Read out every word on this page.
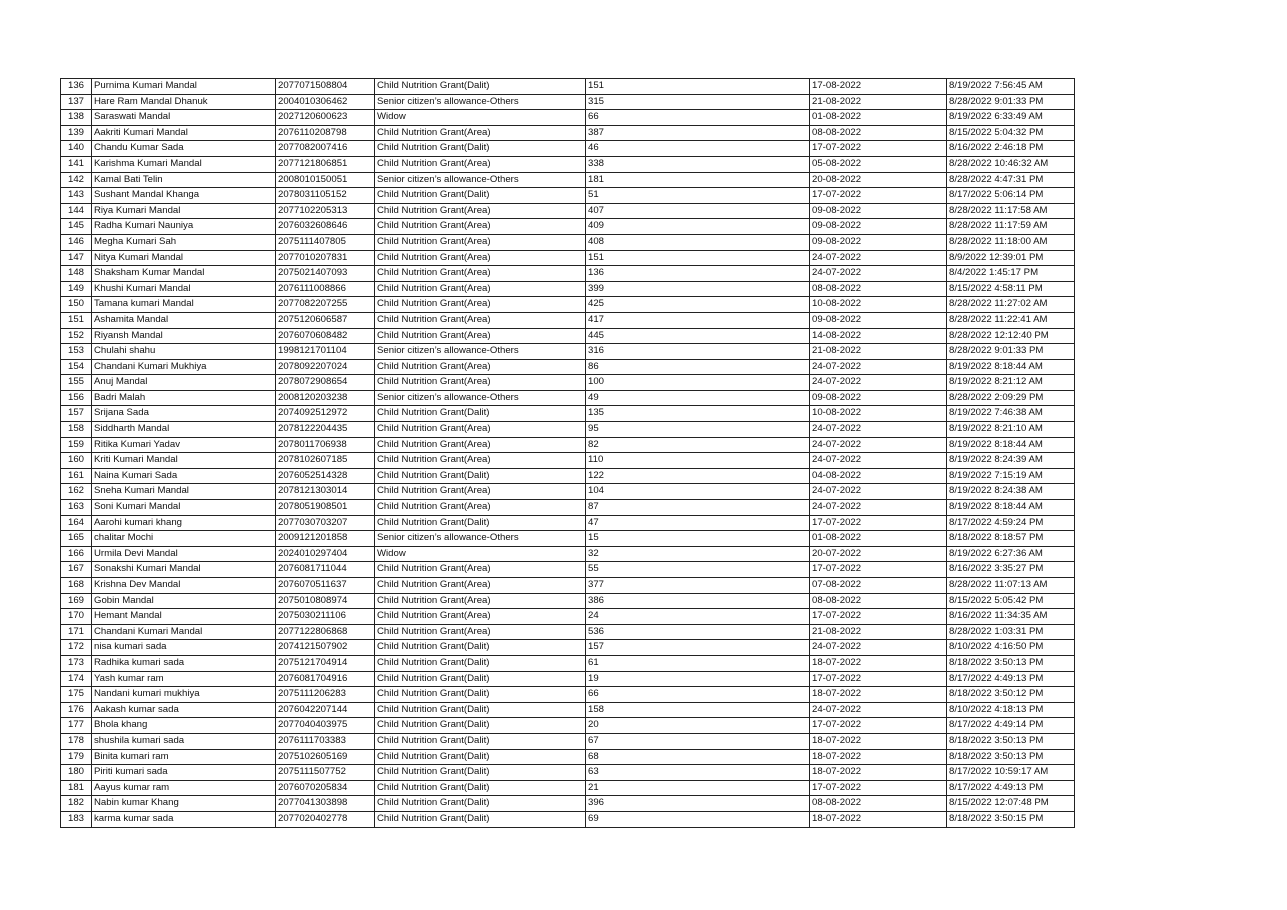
136	Purnima Kumari Mandal	2077071508804	Child Nutrition Grant(Dalit)	151	17-08-2022	8/19/2022 7:56:45 AM
137	Hare Ram Mandal Dhanuk	2004010306462	Senior citizen’s allowance-Others	315	21-08-2022	8/28/2022 9:01:33 PM
138	Saraswati Mandal	2027120600623	Widow	66	01-08-2022	8/19/2022 6:33:49 AM
139	Aakriti Kumari Mandal	2076110208798	Child Nutrition Grant(Area)	387	08-08-2022	8/15/2022 5:04:32 PM
140	Chandu Kumar Sada	2077082007416	Child Nutrition Grant(Dalit)	46	17-07-2022	8/16/2022 2:46:18 PM
141	Karishma Kumari Mandal	2077121806851	Child Nutrition Grant(Area)	338	05-08-2022	8/28/2022 10:46:32 AM
142	Kamal Bati Telin	2008010150051	Senior citizen’s allowance-Others	181	20-08-2022	8/28/2022 4:47:31 PM
143	Sushant Mandal Khanga	2078031105152	Child Nutrition Grant(Dalit)	51	17-07-2022	8/17/2022 5:06:14 PM
144	Riya Kumari Mandal	2077102205313	Child Nutrition Grant(Area)	407	09-08-2022	8/28/2022 11:17:58 AM
145	Radha Kumari Nauniya	2076032608646	Child Nutrition Grant(Area)	409	09-08-2022	8/28/2022 11:17:59 AM
146	Megha Kumari Sah	2075111407805	Child Nutrition Grant(Area)	408	09-08-2022	8/28/2022 11:18:00 AM
147	Nitya Kumari Mandal	2077010207831	Child Nutrition Grant(Area)	151	24-07-2022	8/9/2022 12:39:01 PM
148	Shaksham Kumar Mandal	2075021407093	Child Nutrition Grant(Area)	136	24-07-2022	8/4/2022 1:45:17 PM
149	Khushi Kumari Mandal	2076111008866	Child Nutrition Grant(Area)	399	08-08-2022	8/15/2022 4:58:11 PM
150	Tamana kumari Mandal	2077082207255	Child Nutrition Grant(Area)	425	10-08-2022	8/28/2022 11:27:02 AM
151	Ashamita Mandal	2075120606587	Child Nutrition Grant(Area)	417	09-08-2022	8/28/2022 11:22:41 AM
152	Riyansh Mandal	2076070608482	Child Nutrition Grant(Area)	445	14-08-2022	8/28/2022 12:12:40 PM
153	Chulahi shahu	1998121701104	Senior citizen’s allowance-Others	316	21-08-2022	8/28/2022 9:01:33 PM
154	Chandani Kumari Mukhiya	2078092207024	Child Nutrition Grant(Area)	86	24-07-2022	8/19/2022 8:18:44 AM
155	Anuj Mandal	2078072908654	Child Nutrition Grant(Area)	100	24-07-2022	8/19/2022 8:21:12 AM
156	Badri Malah	2008120203238	Senior citizen’s allowance-Others	49	09-08-2022	8/28/2022 2:09:29 PM
157	Srijana Sada	2074092512972	Child Nutrition Grant(Dalit)	135	10-08-2022	8/19/2022 7:46:38 AM
158	Siddharth Mandal	2078122204435	Child Nutrition Grant(Area)	95	24-07-2022	8/19/2022 8:21:10 AM
159	Ritika Kumari Yadav	2078011706938	Child Nutrition Grant(Area)	82	24-07-2022	8/19/2022 8:18:44 AM
160	Kriti Kumari Mandal	2078102607185	Child Nutrition Grant(Area)	110	24-07-2022	8/19/2022 8:24:39 AM
161	Naina Kumari Sada	2076052514328	Child Nutrition Grant(Dalit)	122	04-08-2022	8/19/2022 7:15:19 AM
162	Sneha Kumari Mandal	2078121303014	Child Nutrition Grant(Area)	104	24-07-2022	8/19/2022 8:24:38 AM
163	Soni Kumari Mandal	2078051908501	Child Nutrition Grant(Area)	87	24-07-2022	8/19/2022 8:18:44 AM
164	Aarohi kumari khang	2077030703207	Child Nutrition Grant(Dalit)	47	17-07-2022	8/17/2022 4:59:24 PM
165	chalitar Mochi	2009121201858	Senior citizen’s allowance-Others	15	01-08-2022	8/18/2022 8:18:57 PM
166	Urmila Devi Mandal	2024010297404	Widow	32	20-07-2022	8/19/2022 6:27:36 AM
167	Sonakshi Kumari Mandal	2076081711044	Child Nutrition Grant(Area)	55	17-07-2022	8/16/2022 3:35:27 PM
168	Krishna Dev Mandal	2076070511637	Child Nutrition Grant(Area)	377	07-08-2022	8/28/2022 11:07:13 AM
169	Gobin Mandal	2075010808974	Child Nutrition Grant(Area)	386	08-08-2022	8/15/2022 5:05:42 PM
170	Hemant Mandal	2075030211106	Child Nutrition Grant(Area)	24	17-07-2022	8/16/2022 11:34:35 AM
171	Chandani Kumari Mandal	2077122806868	Child Nutrition Grant(Area)	536	21-08-2022	8/28/2022 1:03:31 PM
172	nisa kumari sada	2074121507902	Child Nutrition Grant(Dalit)	157	24-07-2022	8/10/2022 4:16:50 PM
173	Radhika kumari sada	2075121704914	Child Nutrition Grant(Dalit)	61	18-07-2022	8/18/2022 3:50:13 PM
174	Yash kumar ram	2076081704916	Child Nutrition Grant(Dalit)	19	17-07-2022	8/17/2022 4:49:13 PM
175	Nandani kumari mukhiya	2075111206283	Child Nutrition Grant(Dalit)	66	18-07-2022	8/18/2022 3:50:12 PM
176	Aakash kumar sada	2076042207144	Child Nutrition Grant(Dalit)	158	24-07-2022	8/10/2022 4:18:13 PM
177	Bhola khang	2077040403975	Child Nutrition Grant(Dalit)	20	17-07-2022	8/17/2022 4:49:14 PM
178	shushila kumari sada	2076111703383	Child Nutrition Grant(Dalit)	67	18-07-2022	8/18/2022 3:50:13 PM
179	Binita kumari ram	2075102605169	Child Nutrition Grant(Dalit)	68	18-07-2022	8/18/2022 3:50:13 PM
180	Piriti kumari sada	2075111507752	Child Nutrition Grant(Dalit)	63	18-07-2022	8/17/2022 10:59:17 AM
181	Aayus kumar ram	2076070205834	Child Nutrition Grant(Dalit)	21	17-07-2022	8/17/2022 4:49:13 PM
182	Nabin kumar Khang	2077041303898	Child Nutrition Grant(Dalit)	396	08-08-2022	8/15/2022 12:07:48 PM
183	karma kumar sada	2077020402778	Child Nutrition Grant(Dalit)	69	18-07-2022	8/18/2022 3:50:15 PM
